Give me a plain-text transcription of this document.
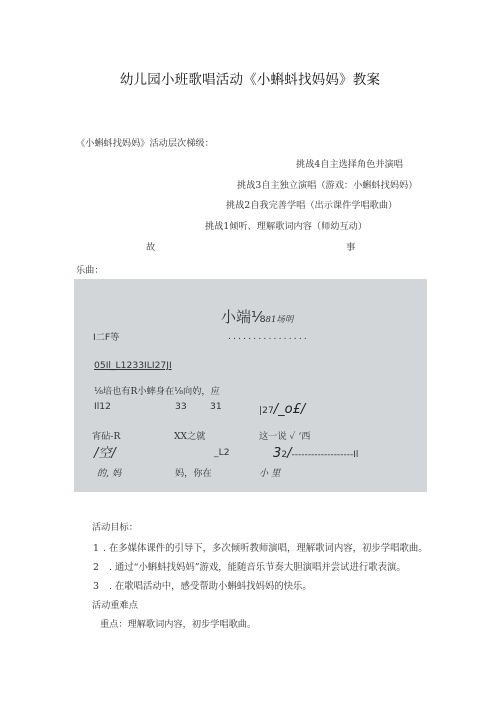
幼儿园小班歌唱活动《小蝌蚪找妈妈》教案
《小蝌蚪找妈妈》活动层次梯级：
挑战4自主选择角色并演唱
挑战3自主独立演唱（游戏：小蝌蚪找妈妈）
挑战2自我完善学唱（出示课件学唱歌曲）
挑战1倾听、理解歌词内容（师幼互动）
故	事
乐曲：
小端⅛81场明
I二F等	................
05Il_L1233ILI27JI
⅛培也有R小蟀身在⅛向妁，应
Il12	33	31	|27/_o£/
宵砧-R	XX之就	这一说 ✓ ‘西
/空/	_L2	32/-------------------Il
的, 妈	妈，你在	小 里
活动目标：
1 . 在多媒体课件的引导下，多次倾听教师演唱，理解歌词内容，初步学唱歌曲。
2 . 通过“小蝌蚪找妈妈”游戏，能随音乐节奏大胆演唱并尝试进行歌表演。
3 . 在歌唱活动中，感受帮助小蝌蚪找妈妈的快乐。
活动重难点
重点：理解歌词内容，初步学唱歌曲。
